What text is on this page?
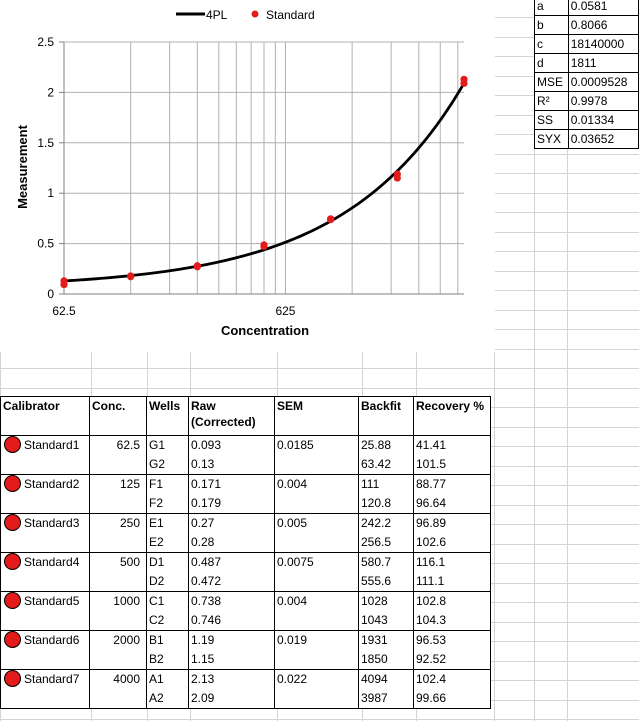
0
0.5
1
1.5
2
2.5
62.5	625
4PL	Standard
Concentration
Measurement
a	0.0581
b	0.8066
c	18140000
d	1811
MSE	0.0009528
R²	0.9978
SS	0.01334
SYX	0.03652
Calibrator	Conc.	Wells	Raw (Corrected)	SEM	Backfit	Recovery %
Standard1	62.5	G1	0.093	0.0185	25.88	41.41
		G2	0.13		63.42	101.5
Standard2	125	F1	0.171	0.004	111	88.77
		F2	0.179		120.8	96.64
Standard3	250	E1	0.27	0.005	242.2	96.89
		E2	0.28		256.5	102.6
Standard4	500	D1	0.487	0.0075	580.7	116.1
		D2	0.472		555.6	111.1
Standard5	1000	C1	0.738	0.004	1028	102.8
		C2	0.746		1043	104.3
Standard6	2000	B1	1.19	0.019	1931	96.53
		B2	1.15		1850	92.52
Standard7	4000	A1	2.13	0.022	4094	102.4
		A2	2.09		3987	99.66
